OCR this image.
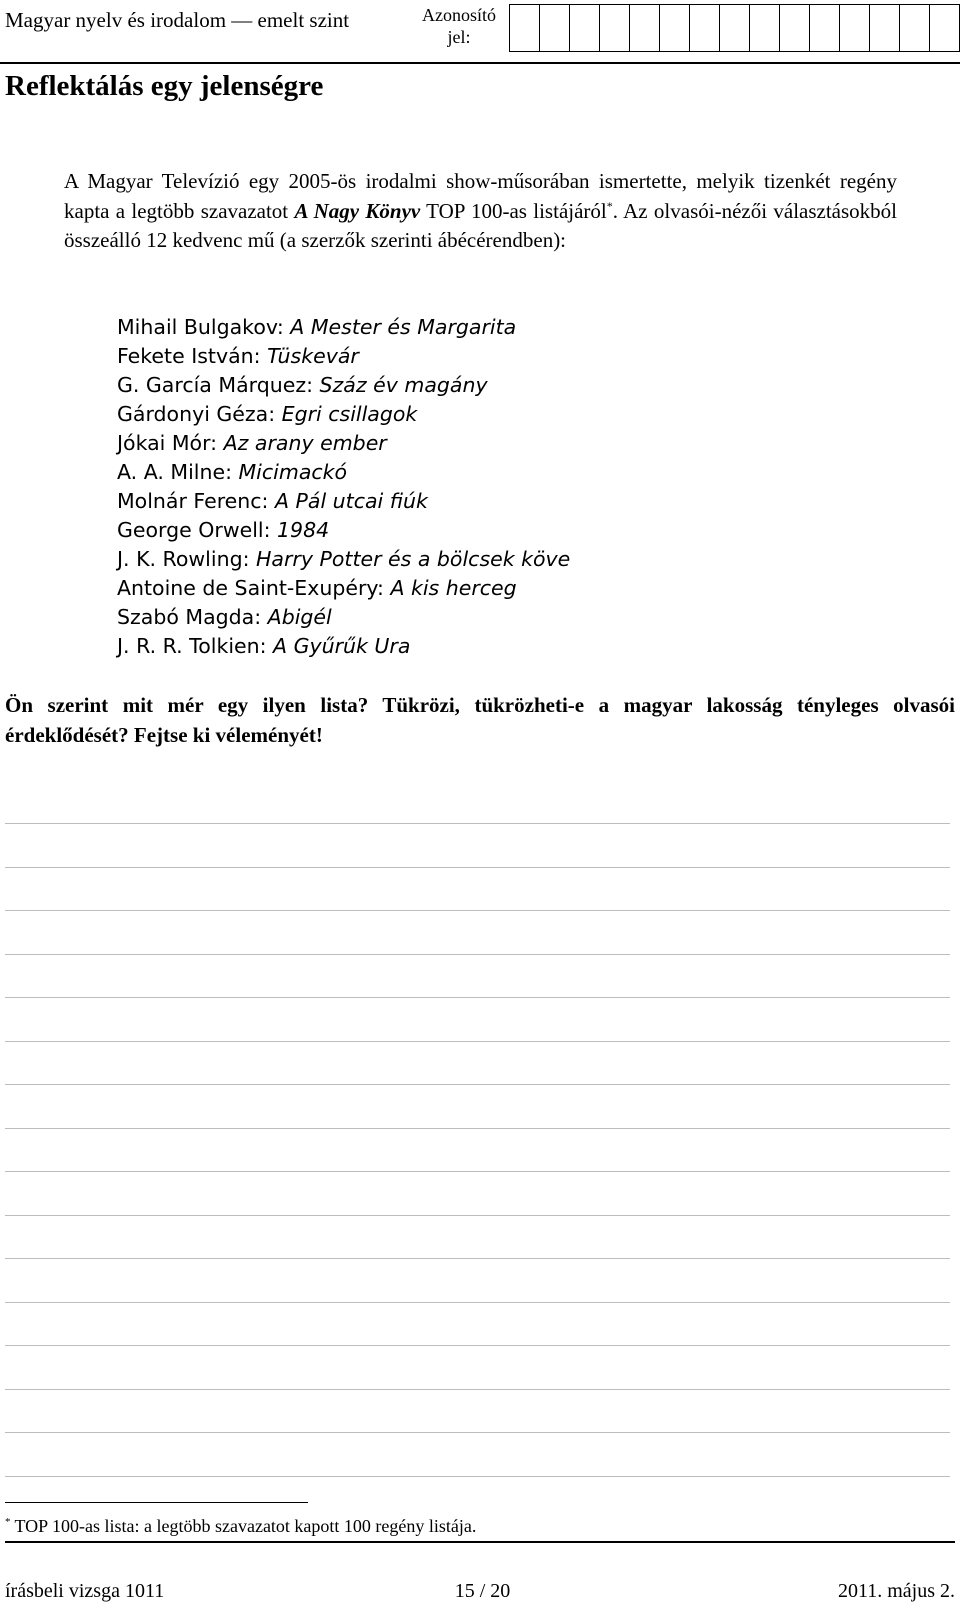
Magyar nyelv és irodalom — emelt szint	Azonosító jel:
Reflektálás egy jelenségre

A Magyar Televízió egy 2005-ös irodalmi show-műsorában ismertette, melyik tizenkét regény kapta a legtöbb szavazatot A Nagy Könyv TOP 100-as listájáról*. Az olvasói-nézői választásokból összeálló 12 kedvenc mű (a szerzők szerinti ábécérendben):

Mihail Bulgakov: A Mester és Margarita
Fekete István: Tüskevár
G. García Márquez: Száz év magány
Gárdonyi Géza: Egri csillagok
Jókai Mór: Az arany ember
A. A. Milne: Micimackó
Molnár Ferenc: A Pál utcai fiúk
George Orwell: 1984
J. K. Rowling: Harry Potter és a bölcsek köve
Antoine de Saint-Exupéry: A kis herceg
Szabó Magda: Abigél
J. R. R. Tolkien: A Gyűrűk Ura

Ön szerint mit mér egy ilyen lista? Tükrözi, tükrözheti-e a magyar lakosság tényleges olvasói érdeklődését? Fejtse ki véleményét!

* TOP 100-as lista: a legtöbb szavazatot kapott 100 regény listája.
írásbeli vizsga 1011	15 / 20	2011. május 2.
